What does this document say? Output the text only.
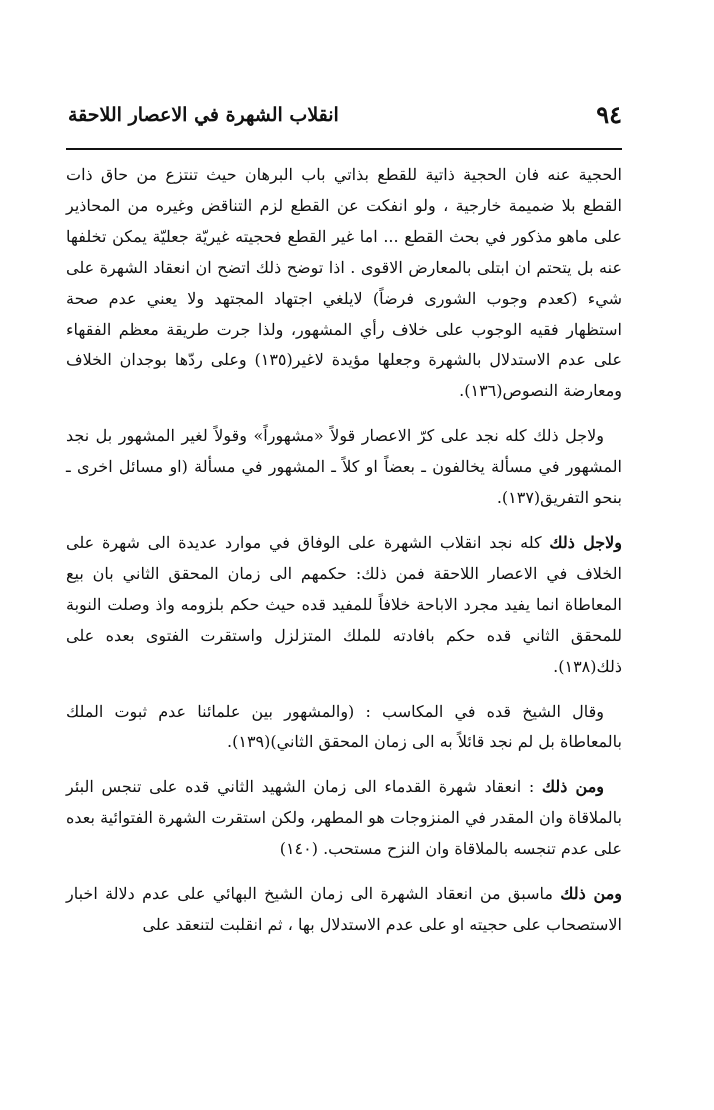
٩٤
انقلاب الشهرة في الاعصار اللاحقة

الحجية عنه فان الحجية ذاتية للقطع بذاتي باب البرهان حيث تنتزع من حاق ذات القطع بلا ضميمة خارجية ، ولو انفكت عن القطع لزم التناقض وغيره من المحاذير على ماهو مذكور في بحث القطع ... اما غير القطع فحجيته غيريّة جعليّة يمكن تخلفها عنه بل يتحتم ان ابتلى بالمعارض الاقوى . اذا توضح ذلك اتضح ان انعقاد الشهرة على شيء (كعدم وجوب الشورى فرضاً) لايلغي اجتهاد المجتهد ولا يعني عدم صحة استظهار فقيه الوجوب على خلاف رأي المشهور، ولذا جرت طريقة معظم الفقهاء على عدم الاستدلال بالشهرة وجعلها مؤيدة لاغير(١٣٥) وعلى ردّها بوجدان الخلاف ومعارضة النصوص(١٣٦).

ولاجل ذلك كله نجد على كرّ الاعصار قولاً «مشهوراً» وقولاً لغير المشهور بل نجد المشهور في مسألة يخالفون ـ بعضاً او كلاً ـ المشهور في مسألة (او مسائل اخرى ـ بنحو التفريق(١٣٧).

ولاجل ذلك كله نجد انقلاب الشهرة على الوفاق في موارد عديدة الى شهرة على الخلاف في الاعصار اللاحقة فمن ذلك: حكمهم الى زمان المحقق الثاني بان بيع المعاطاة انما يفيد مجرد الاباحة خلافاً للمفيد قده حيث حكم بلزومه واذ وصلت النوبة للمحقق الثاني قده حكم بافادته للملك المتزلزل واستقرت الفتوى بعده على ذلك(١٣٨).

وقال الشيخ قده في المكاسب : (والمشهور بين علمائنا عدم ثبوت الملك بالمعاطاة بل لم نجد قائلاً به الى زمان المحقق الثاني)(١٣٩).

ومن ذلك : انعقاد شهرة القدماء الى زمان الشهيد الثاني قده على تنجس البئر بالملاقاة وان المقدر في المنزوجات هو المطهر، ولكن استقرت الشهرة الفتوائية بعده على عدم تنجسه بالملاقاة وان النزح مستحب. (١٤٠)

ومن ذلك ماسبق من انعقاد الشهرة الى زمان الشيخ البهائي على عدم دلالة اخبار الاستصحاب على حجيته او على عدم الاستدلال بها ، ثم انقلبت لتنعقد على
